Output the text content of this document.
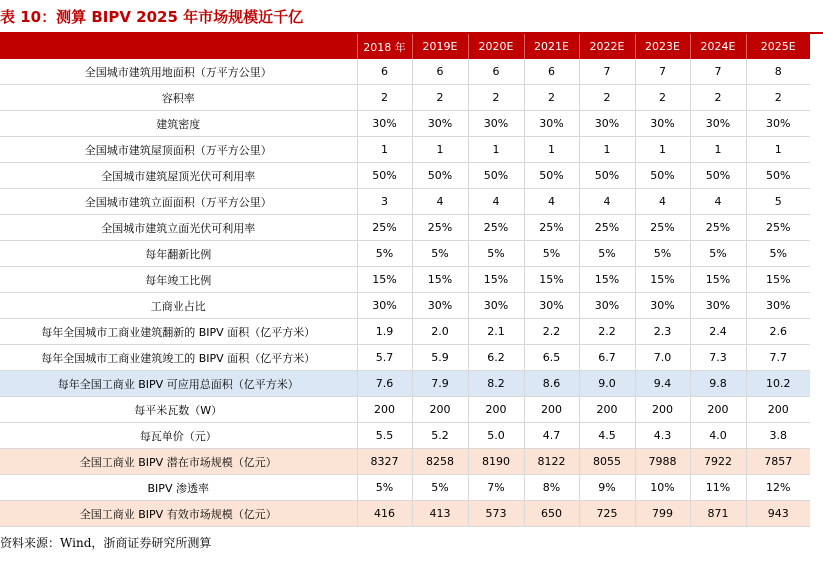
表 10：测算 BIPV 2025 年市场规模近千亿
	2018 年	2019E	2020E	2021E	2022E	2023E	2024E	2025E
全国城市建筑用地面积（万平方公里）	6	6	6	6	7	7	7	8
容积率	2	2	2	2	2	2	2	2
建筑密度	30%	30%	30%	30%	30%	30%	30%	30%
全国城市建筑屋顶面积（万平方公里）	1	1	1	1	1	1	1	1
全国城市建筑屋顶光伏可利用率	50%	50%	50%	50%	50%	50%	50%	50%
全国城市建筑立面面积（万平方公里）	3	4	4	4	4	4	4	5
全国城市建筑立面光伏可利用率	25%	25%	25%	25%	25%	25%	25%	25%
每年翻新比例	5%	5%	5%	5%	5%	5%	5%	5%
每年竣工比例	15%	15%	15%	15%	15%	15%	15%	15%
工商业占比	30%	30%	30%	30%	30%	30%	30%	30%
每年全国城市工商业建筑翻新的 BIPV 面积（亿平方米）	1.9	2.0	2.1	2.2	2.2	2.3	2.4	2.6
每年全国城市工商业建筑竣工的 BIPV 面积（亿平方米）	5.7	5.9	6.2	6.5	6.7	7.0	7.3	7.7
每年全国工商业 BIPV 可应用总面积（亿平方米）	7.6	7.9	8.2	8.6	9.0	9.4	9.8	10.2
每平米瓦数（W）	200	200	200	200	200	200	200	200
每瓦单价（元）	5.5	5.2	5.0	4.7	4.5	4.3	4.0	3.8
全国工商业 BIPV 潜在市场规模（亿元）	8327	8258	8190	8122	8055	7988	7922	7857
BIPV 渗透率	5%	5%	7%	8%	9%	10%	11%	12%
全国工商业 BIPV 有效市场规模（亿元）	416	413	573	650	725	799	871	943
资料来源：Wind，浙商证券研究所测算
